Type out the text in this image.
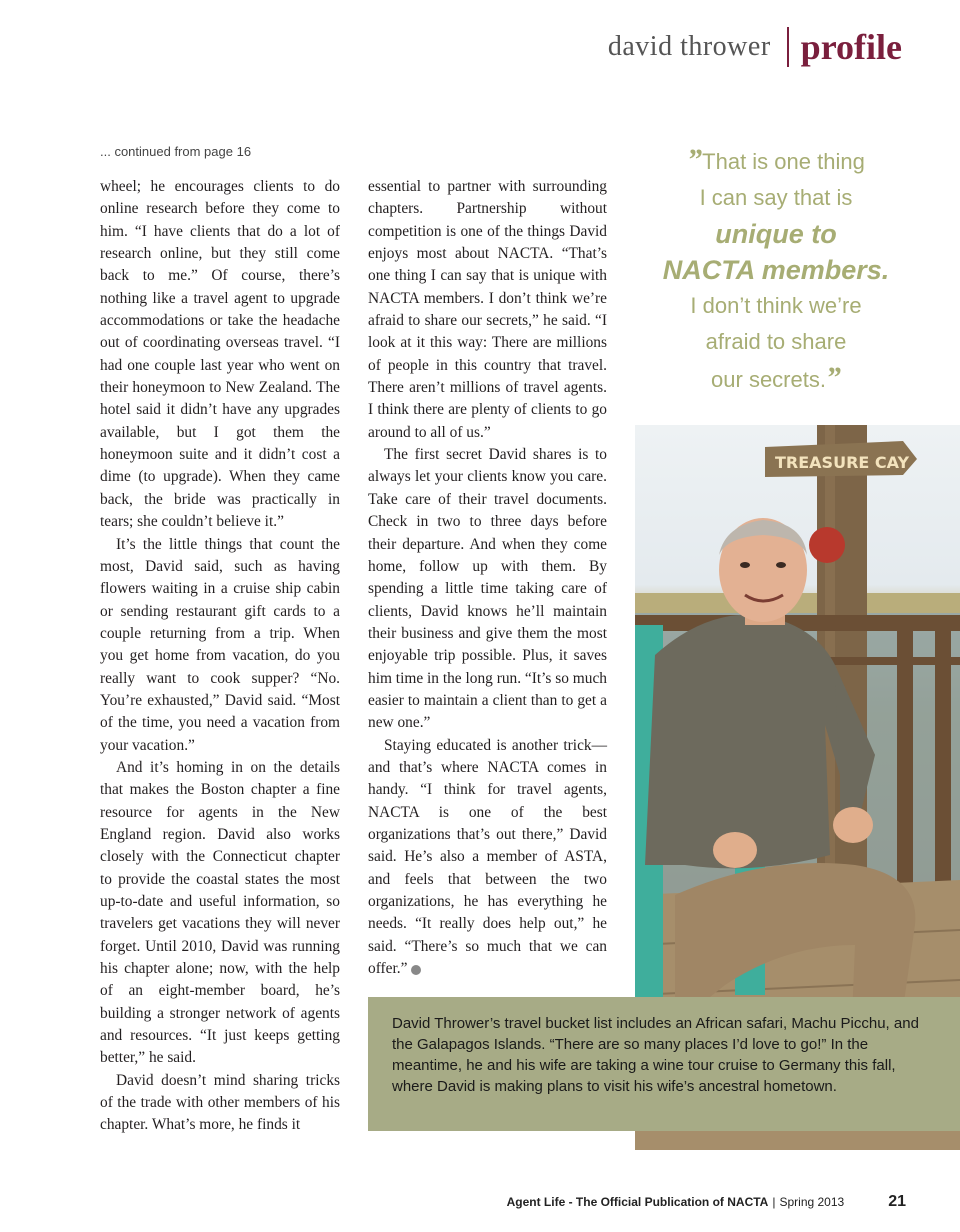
david thrower profile
... continued from page 16

wheel; he encourages clients to do online research before they come to him. “I have clients that do a lot of research online, but they still come back to me.” Of course, there’s nothing like a travel agent to upgrade accommodations or take the headache out of coordinating overseas travel. “I had one couple last year who went on their honeymoon to New Zealand. The hotel said it didn’t have any upgrades available, but I got them the honeymoon suite and it didn’t cost a dime (to upgrade). When they came back, the bride was practically in tears; she couldn’t believe it.”

It’s the little things that count the most, David said, such as having flowers waiting in a cruise ship cabin or sending restaurant gift cards to a couple returning from a trip. When you get home from vacation, do you really want to cook supper? “No. You’re exhausted,” David said. “Most of the time, you need a vacation from your vacation.”

And it’s homing in on the details that makes the Boston chapter a fine resource for agents in the New England region. David also works closely with the Connecticut chapter to provide the coastal states the most up-to-date and useful information, so travelers get vacations they will never forget. Until 2010, David was running his chapter alone; now, with the help of an eight-member board, he’s building a stronger network of agents and resources. “It just keeps getting better,” he said.

David doesn’t mind sharing tricks of the trade with other members of his chapter. What’s more, he finds it

essential to partner with surrounding chapters. Partnership without competition is one of the things David enjoys most about NACTA. “That’s one thing I can say that is unique with NACTA members. I don’t think we’re afraid to share our secrets,” he said. “I look at it this way: There are millions of people in this country that travel. There aren’t millions of travel agents. I think there are plenty of clients to go around to all of us.”

The first secret David shares is to always let your clients know you care. Take care of their travel documents. Check in two to three days before their departure. And when they come home, follow up with them. By spending a little time taking care of clients, David knows he’ll maintain their business and give them the most enjoyable trip possible. Plus, it saves him time in the long run. “It’s so much easier to maintain a client than to get a new one.”

Staying educated is another trick—and that’s where NACTA comes in handy. “I think for travel agents, NACTA is one of the best organizations that’s out there,” David said. He’s also a member of ASTA, and feels that between the two organizations, he has everything he needs. “It really does help out,” he said. “There’s so much that we can offer.”

”That is one thing
I can say that is
unique to
NACTA members.
I don’t think we’re
afraid to share
our secrets.”
TREASURE CAY

David Thrower’s travel bucket list includes an African safari, Machu Picchu, and the Galapagos Islands. “There are so many places I’d love to go!” In the meantime, he and his wife are taking a wine tour cruise to Germany this fall, where David is making plans to visit his wife’s ancestral hometown.

Agent Life - The Official Publication of NACTA | Spring 2013	21
